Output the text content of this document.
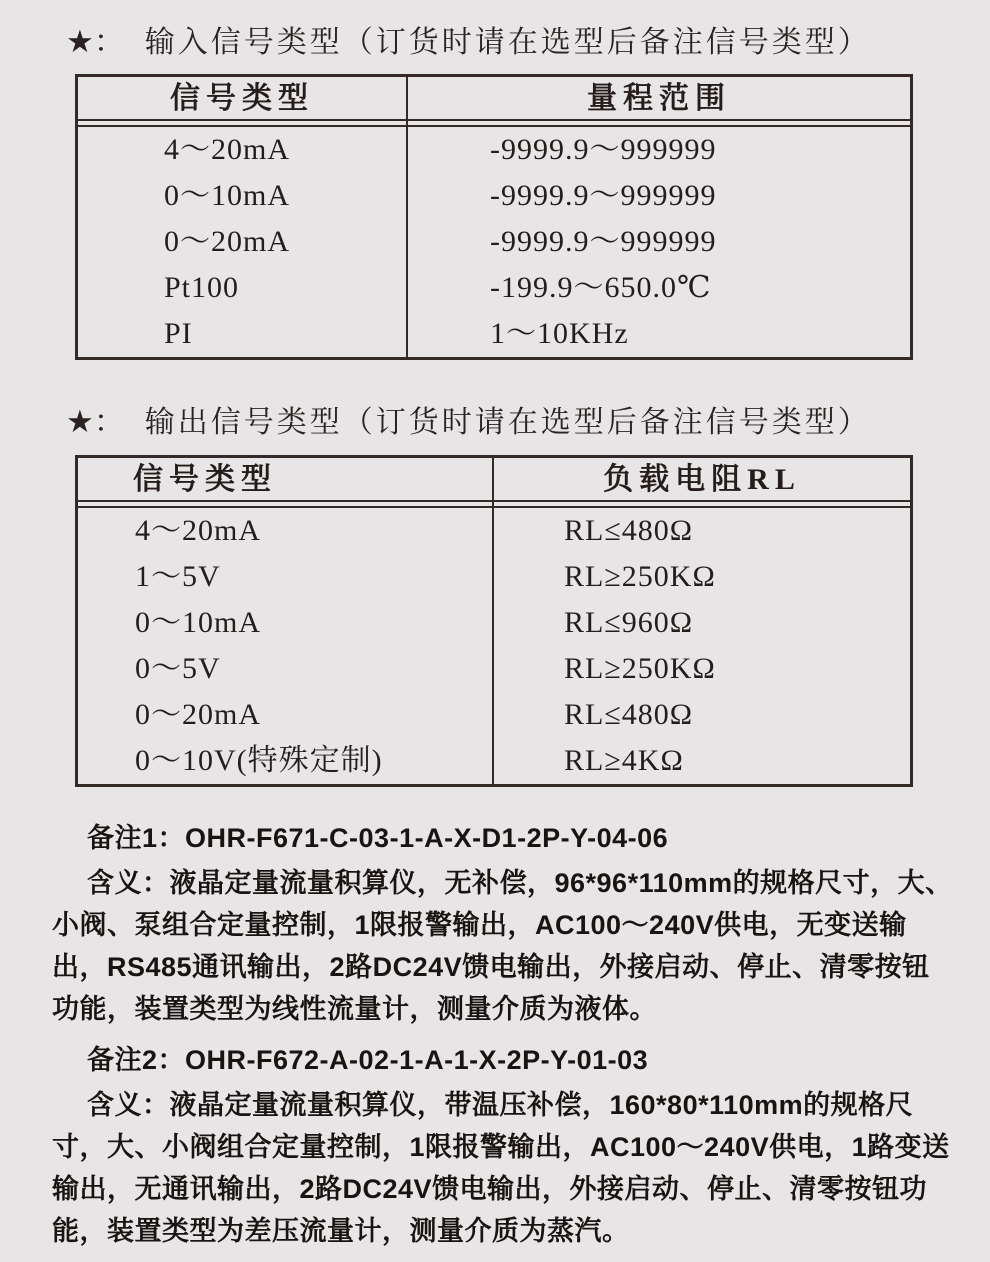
★： 输入信号类型（订货时请在选型后备注信号类型）
信号类型	量程范围
4～20mA	-9999.9～999999
0～10mA	-9999.9～999999
0～20mA	-9999.9～999999
Pt100	-199.9～650.0℃
PI	1～10KHz
★： 输出信号类型（订货时请在选型后备注信号类型）
信号类型	负载电阻RL
4～20mA	RL≤480Ω
1～5V	RL≥250KΩ
0～10mA	RL≤960Ω
0～5V	RL≥250KΩ
0～20mA	RL≤480Ω
0～10V(特殊定制)	RL≥4KΩ

备注1：OHR-F671-C-03-1-A-X-D1-2P-Y-04-06

含义：液晶定量流量积算仪，无补偿，96*96*110mm的规格尺寸，大、小阀、泵组合定量控制，1限报警输出，AC100～240V供电，无变送输出，RS485通讯输出，2路DC24V馈电输出，外接启动、停止、清零按钮功能，装置类型为线性流量计，测量介质为液体。

备注2：OHR-F672-A-02-1-A-1-X-2P-Y-01-03

含义：液晶定量流量积算仪，带温压补偿，160*80*110mm的规格尺寸，大、小阀组合定量控制，1限报警输出，AC100～240V供电，1路变送输出，无通讯输出，2路DC24V馈电输出，外接启动、停止、清零按钮功能，装置类型为差压流量计，测量介质为蒸汽。
